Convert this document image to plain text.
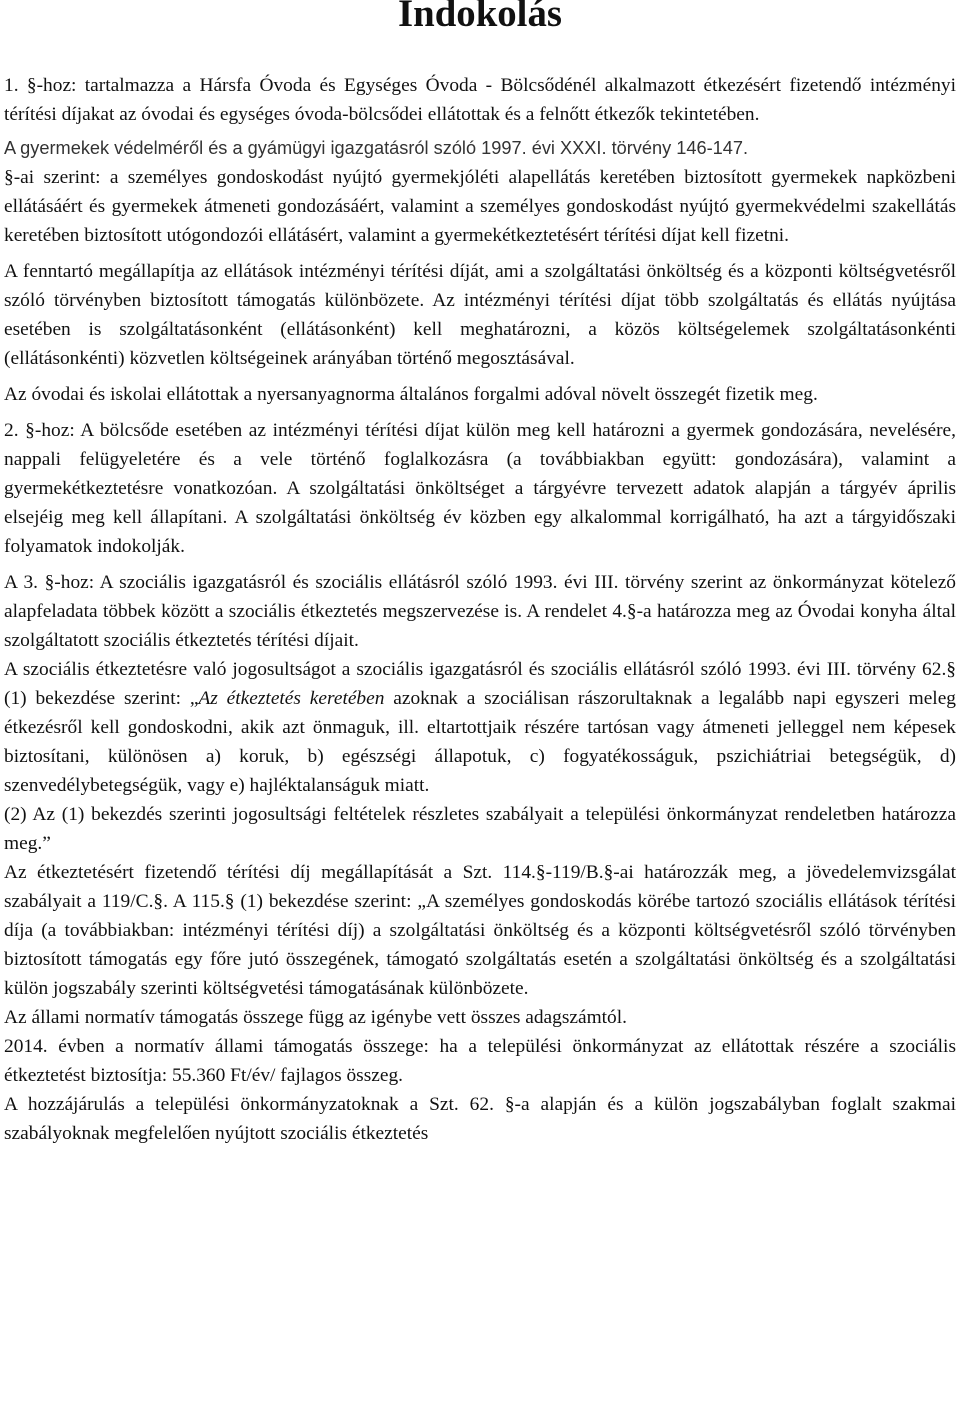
Indokolás

1. §-hoz: tartalmazza a Hársfa Óvoda és Egységes Óvoda - Bölcsődénél alkalmazott étkezésért fizetendő intézményi térítési díjakat az óvodai és egységes óvoda-bölcsődei ellátottak és a felnőtt étkezők tekintetében.

A gyermekek védelméről és a gyámügyi igazgatásról szóló 1997. évi XXXI. törvény 146-147.

§-ai szerint: a személyes gondoskodást nyújtó gyermekjóléti alapellátás keretében biztosított gyermekek napközbeni ellátásáért és gyermekek átmeneti gondozásáért, valamint a személyes gondoskodást nyújtó gyermekvédelmi szakellátás keretében biztosított utógondozói ellátásért, valamint a gyermekétkeztetésért térítési díjat kell fizetni.

A fenntartó megállapítja az ellátások intézményi térítési díját, ami a szolgáltatási önköltség és a központi költségvetésről szóló törvényben biztosított támogatás különbözete. Az intézményi térítési díjat több szolgáltatás és ellátás nyújtása esetében is szolgáltatásonként (ellátásonként) kell meghatározni, a közös költségelemek szolgáltatásonkénti (ellátásonkénti) közvetlen költségeinek arányában történő megosztásával.

Az óvodai és iskolai ellátottak a nyersanyagnorma általános forgalmi adóval növelt összegét fizetik meg.

2. §-hoz: A bölcsőde esetében az intézményi térítési díjat külön meg kell határozni a gyermek gondozására, nevelésére, nappali felügyeletére és a vele történő foglalkozásra (a továbbiakban együtt: gondozására), valamint a gyermekétkeztetésre vonatkozóan. A szolgáltatási önköltséget a tárgyévre tervezett adatok alapján a tárgyév április elsejéig meg kell állapítani. A szolgáltatási önköltség év közben egy alkalommal korrigálható, ha azt a tárgyidőszaki folyamatok indokolják.

A 3. §-hoz: A szociális igazgatásról és szociális ellátásról szóló 1993. évi III. törvény szerint az önkormányzat kötelező alapfeladata többek között a szociális étkeztetés megszervezése is. A rendelet 4.§-a határozza meg az Óvodai konyha által szolgáltatott szociális étkeztetés térítési díjait.

A szociális étkeztetésre való jogosultságot a szociális igazgatásról és szociális ellátásról szóló 1993. évi III. törvény 62.§ (1) bekezdése szerint: „Az étkeztetés keretében azoknak a szociálisan rászorultaknak a legalább napi egyszeri meleg étkezésről kell gondoskodni, akik azt önmaguk, ill. eltartottjaik részére tartósan vagy átmeneti jelleggel nem képesek biztosítani, különösen a) koruk, b) egészségi állapotuk, c) fogyatékosságuk, pszichiátriai betegségük, d) szenvedélybetegségük, vagy e) hajléktalanságuk miatt.

(2) Az (1) bekezdés szerinti jogosultsági feltételek részletes szabályait a települési önkormányzat rendeletben határozza meg.”

Az étkeztetésért fizetendő térítési díj megállapítását a Szt. 114.§-119/B.§-ai határozzák meg, a jövedelemvizsgálat szabályait a 119/C.§. A 115.§ (1) bekezdése szerint: „A személyes gondoskodás körébe tartozó szociális ellátások térítési díja (a továbbiakban: intézményi térítési díj) a szolgáltatási önköltség és a központi költségvetésről szóló törvényben biztosított támogatás egy főre jutó összegének, támogató szolgáltatás esetén a szolgáltatási önköltség és a szolgáltatási külön jogszabály szerinti költségvetési támogatásának különbözete.

Az állami normatív támogatás összege függ az igénybe vett összes adagszámtól.

2014. évben a normatív állami támogatás összege: ha a települési önkormányzat az ellátottak részére a szociális étkeztetést biztosítja: 55.360 Ft/év/ fajlagos összeg.

A hozzájárulás a települési önkormányzatoknak a Szt. 62. §-a alapján és a külön jogszabályban foglalt szakmai szabályoknak megfelelően nyújtott szociális étkeztetés
